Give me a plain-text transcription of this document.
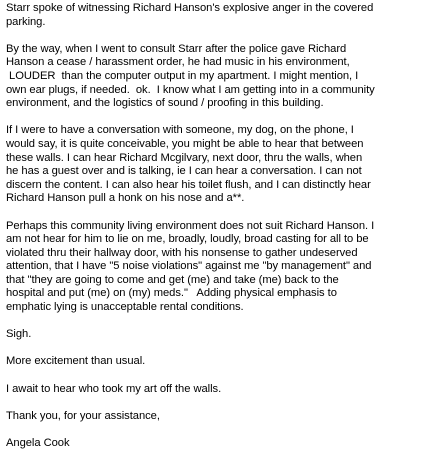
Starr spoke of witnessing Richard Hanson's explosive anger in the covered
parking.

By the way, when I went to consult Starr after the police gave Richard
Hanson a cease / harassment order, he had music in his environment,
LOUDER  than the computer output in my apartment. I might mention, I
own ear plugs, if needed.  ok.  I know what I am getting into in a community
environment, and the logistics of sound / proofing in this building.

If I were to have a conversation with someone, my dog, on the phone, I
would say, it is quite conceivable, you might be able to hear that between
these walls. I can hear Richard Mcgilvary, next door, thru the walls, when
he has a guest over and is talking, ie I can hear a conversation. I can not
discern the content. I can also hear his toilet flush, and I can distinctly hear
Richard Hanson pull a honk on his nose and a**.

Perhaps this community living environment does not suit Richard Hanson. I
am not hear for him to lie on me, broadly, loudly, broad casting for all to be
violated thru their hallway door, with his nonsense to gather undeserved
attention, that I have "5 noise violations" against me "by management" and
that "they are going to come and get (me) and take (me) back to the
hospital and put (me) on (my) meds."   Adding physical emphasis to
emphatic lying is unacceptable rental conditions.

Sigh.

More excitement than usual.

I await to hear who took my art off the walls.

Thank you, for your assistance,

Angela Cook
